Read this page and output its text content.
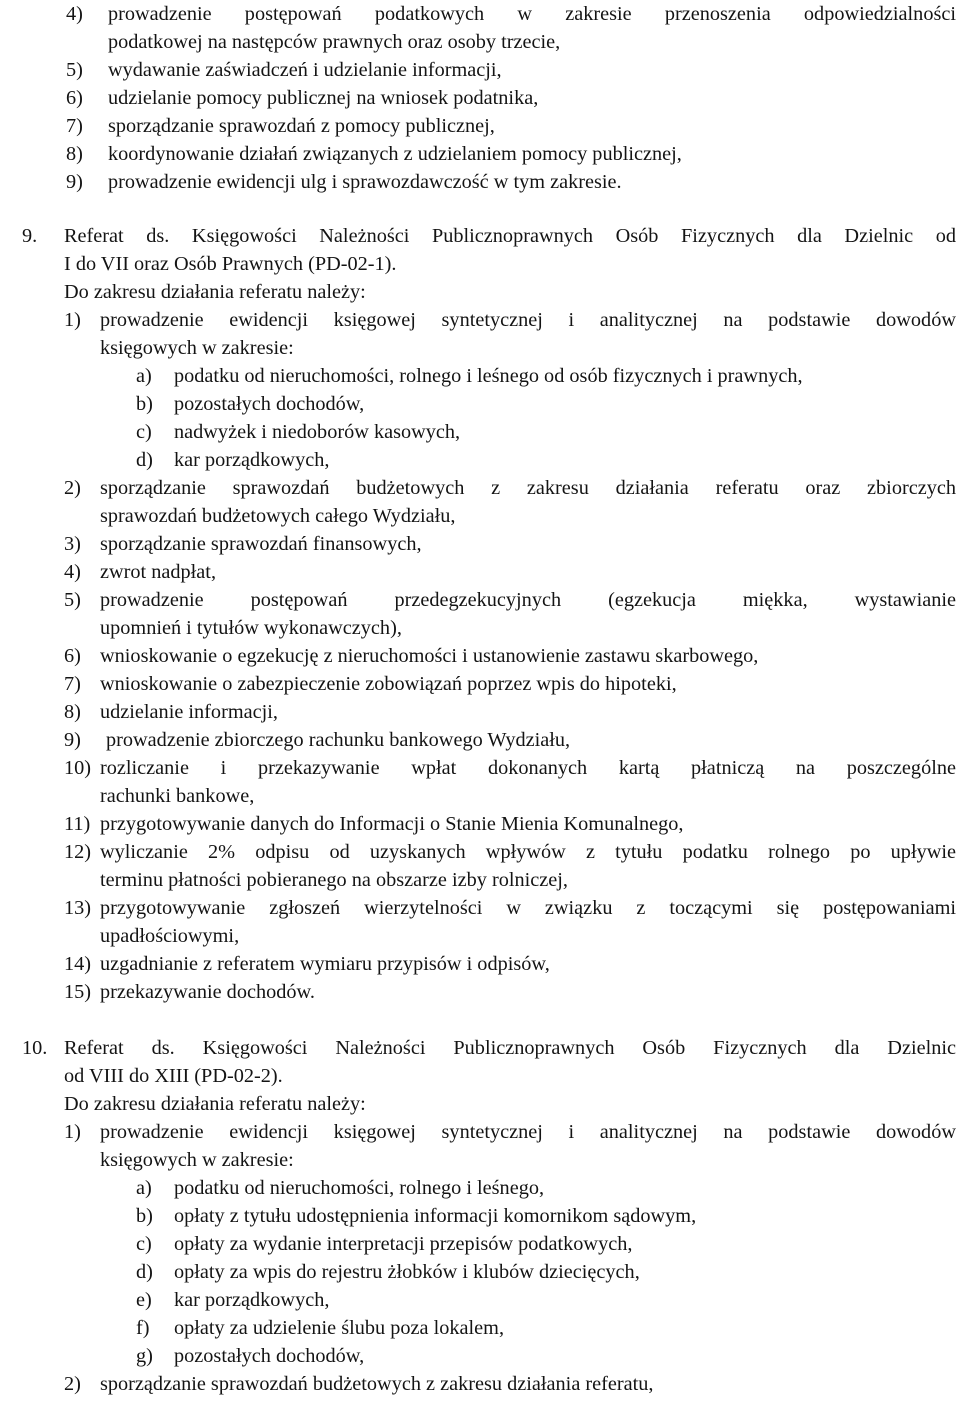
4) prowadzenie postępowań podatkowych w zakresie przenoszenia odpowiedzialności
podatkowej na następców prawnych oraz osoby trzecie,
5) wydawanie zaświadczeń i udzielanie informacji,
6) udzielanie pomocy publicznej na wniosek podatnika,
7) sporządzanie sprawozdań z pomocy publicznej,
8) koordynowanie działań związanych z udzielaniem pomocy publicznej,
9) prowadzenie ewidencji ulg i sprawozdawczość w tym zakresie.
9. Referat ds. Księgowości Należności Publicznoprawnych Osób Fizycznych dla Dzielnic od
I do VII oraz Osób Prawnych (PD-02-1).
Do zakresu działania referatu należy:
1) prowadzenie ewidencji księgowej syntetycznej i analitycznej na podstawie dowodów
księgowych w zakresie:
a) podatku od nieruchomości, rolnego i leśnego od osób fizycznych i prawnych,
b) pozostałych dochodów,
c) nadwyżek i niedoborów kasowych,
d) kar porządkowych,
2) sporządzanie sprawozdań budżetowych z zakresu działania referatu oraz zbiorczych
sprawozdań budżetowych całego Wydziału,
3) sporządzanie sprawozdań finansowych,
4) zwrot nadpłat,
5) prowadzenie postępowań przedegzekucyjnych (egzekucja miękka, wystawianie
upomnień i tytułów wykonawczych),
6) wnioskowanie o egzekucję z nieruchomości i ustanowienie zastawu skarbowego,
7) wnioskowanie o zabezpieczenie zobowiązań poprzez wpis do hipoteki,
8) udzielanie informacji,
9) prowadzenie zbiorczego rachunku bankowego Wydziału,
10) rozliczanie i przekazywanie wpłat dokonanych kartą płatniczą na poszczególne
rachunki bankowe,
11) przygotowywanie danych do Informacji o Stanie Mienia Komunalnego,
12) wyliczanie 2% odpisu od uzyskanych wpływów z tytułu podatku rolnego po upływie
terminu płatności pobieranego na obszarze izby rolniczej,
13) przygotowywanie zgłoszeń wierzytelności w związku z toczącymi się postępowaniami
upadłościowymi,
14) uzgadnianie z referatem wymiaru przypisów i odpisów,
15) przekazywanie dochodów.
10. Referat ds. Księgowości Należności Publicznoprawnych Osób Fizycznych dla Dzielnic
od VIII do XIII (PD-02-2).
Do zakresu działania referatu należy:
1) prowadzenie ewidencji księgowej syntetycznej i analitycznej na podstawie dowodów
księgowych w zakresie:
a) podatku od nieruchomości, rolnego i leśnego,
b) opłaty z tytułu udostępnienia informacji komornikom sądowym,
c) opłaty za wydanie interpretacji przepisów podatkowych,
d) opłaty za wpis do rejestru żłobków i klubów dziecięcych,
e) kar porządkowych,
f) opłaty za udzielenie ślubu poza lokalem,
g) pozostałych dochodów,
2) sporządzanie sprawozdań budżetowych z zakresu działania referatu,
